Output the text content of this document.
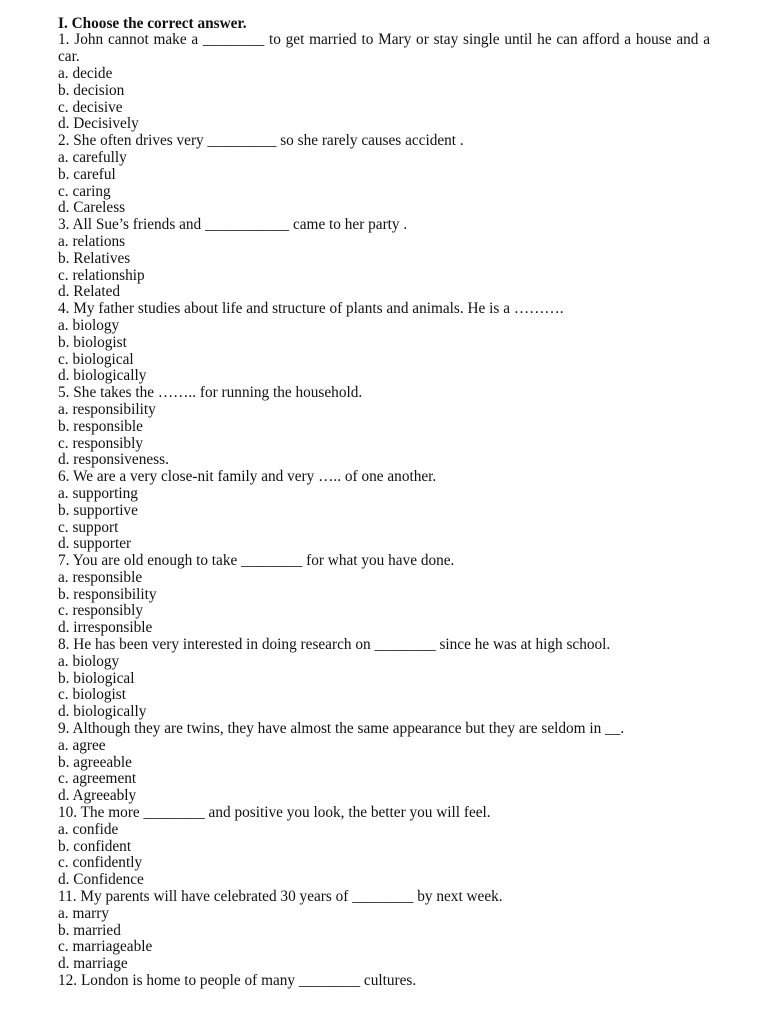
I. Choose the correct answer.
1. John cannot make a ________ to get married to Mary or stay single until he can afford a house and a car.
a. decide
b. decision
c. decisive
d. Decisively
2. She often drives very _________ so she rarely causes accident .
a. carefully
b. careful
c. caring
d. Careless
3. All Sue’s friends and ___________ came to her party .
a. relations
b. Relatives
c. relationship
d. Related
4. My father studies about life and structure of plants and animals. He is a ……….
a. biology
b. biologist
c. biological
d. biologically
5. She takes the …….. for running the household.
a. responsibility
b. responsible
c. responsibly
d. responsiveness.
6. We are a very close-nit family and very ….. of one another.
a. supporting
b. supportive
c. support
d. supporter
7. You are old enough to take ________ for what you have done.
a. responsible
b. responsibility
c. responsibly
d. irresponsible
8. He has been very interested in doing research on ________ since he was at high school.
a. biology
b. biological
c. biologist
d. biologically
9. Although they are twins, they have almost the same appearance but they are seldom in __.
a. agree
b. agreeable
c. agreement
d. Agreeably
10. The more ________ and positive you look, the better you will feel.
a. confide
b. confident
c. confidently
d. Confidence
11. My parents will have celebrated 30 years of ________ by next week.
a. marry
b. married
c. marriageable
d. marriage
12. London is home to people of many ________ cultures.
